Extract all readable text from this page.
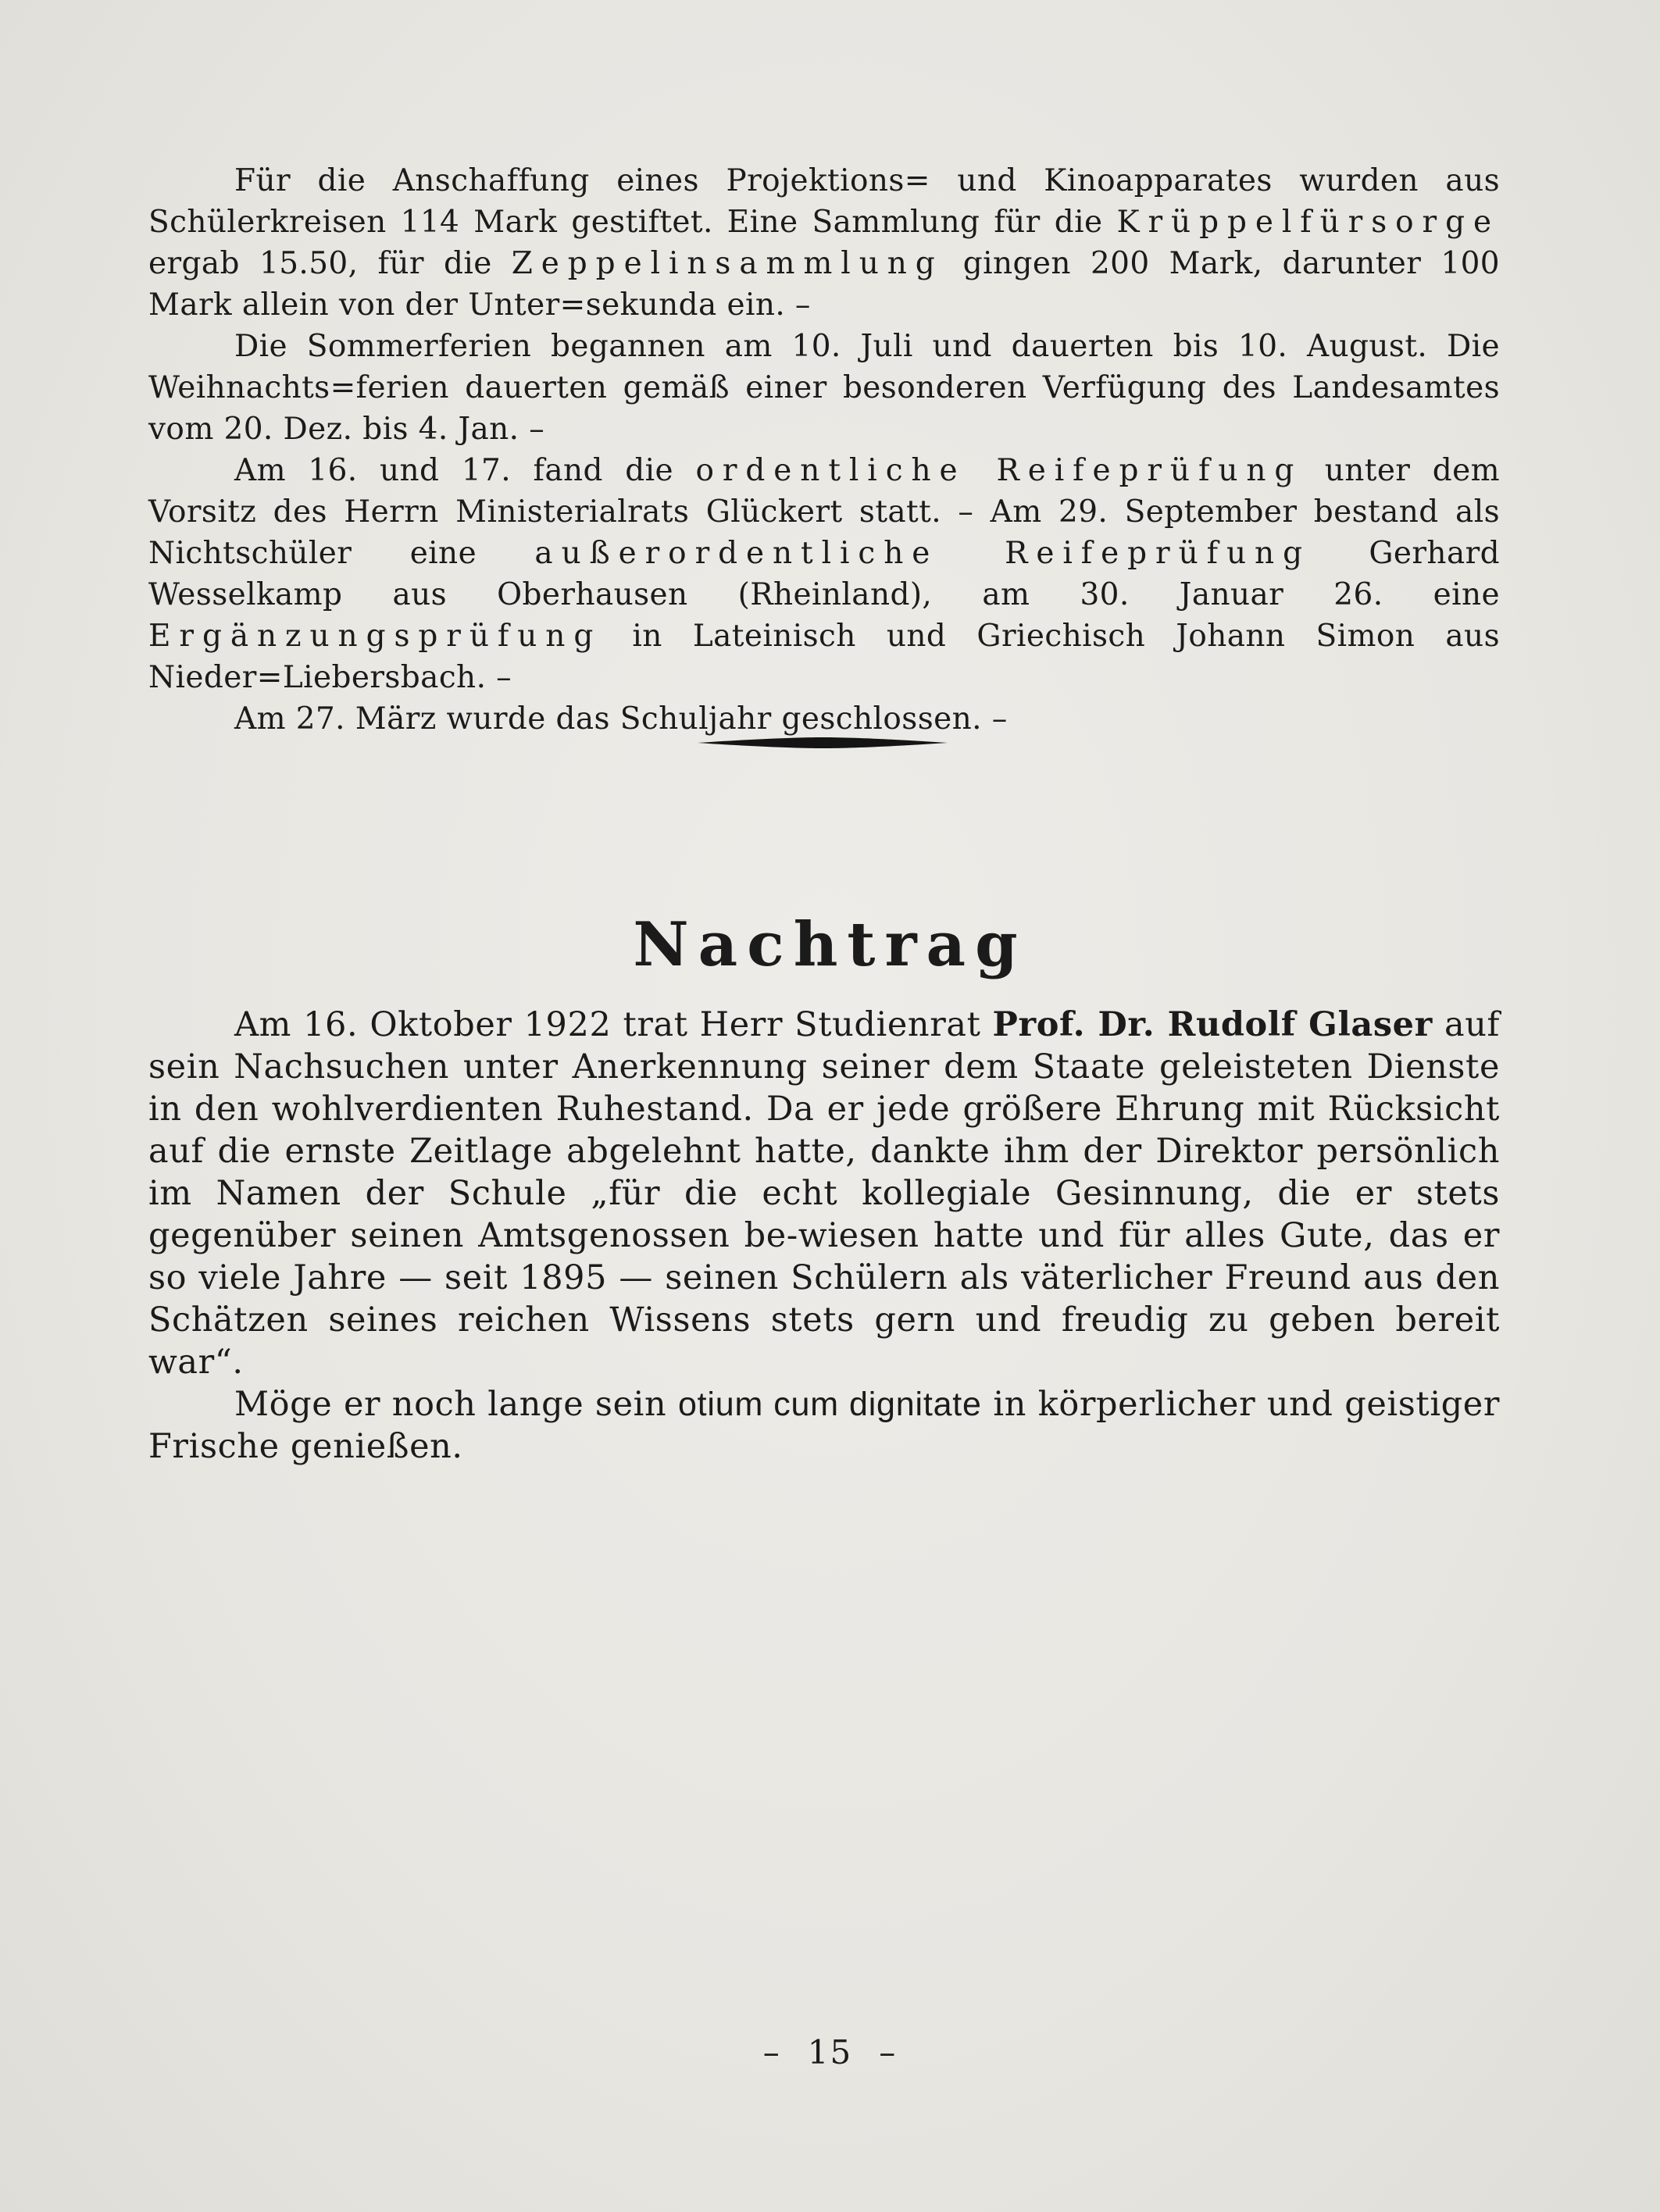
Für die Anschaffung eines Projektions= und Kinoapparates wurden aus Schülerkreisen 114 Mark gestiftet. Eine Sammlung für die Krüppelfürsorge ergab 15.50, für die Zeppelinsammlung gingen 200 Mark, darunter 100 Mark allein von der Unter=sekunda ein. –

Die Sommerferien begannen am 10. Juli und dauerten bis 10. August. Die Weihnachts=ferien dauerten gemäß einer besonderen Verfügung des Landesamtes vom 20. Dez. bis 4. Jan. –

Am 16. und 17. fand die ordentliche Reifeprüfung unter dem Vorsitz des Herrn Ministerialrats Glückert statt. – Am 29. September bestand als Nichtschüler eine außerordentliche Reifeprüfung Gerhard Wesselkamp aus Oberhausen (Rheinland), am 30. Januar 26. eine Ergänzungsprüfung in Lateinisch und Griechisch Johann Simon aus Nieder=Liebersbach. –

Am 27. März wurde das Schuljahr geschlossen. –

Nachtrag

Am 16. Oktober 1922 trat Herr Studienrat Prof. Dr. Rudolf Glaser auf sein Nachsuchen unter Anerkennung seiner dem Staate geleisteten Dienste in den wohlverdienten Ruhestand. Da er jede größere Ehrung mit Rücksicht auf die ernste Zeitlage abgelehnt hatte, dankte ihm der Direktor persönlich im Namen der Schule „für die echt kollegiale Gesinnung, die er stets gegenüber seinen Amtsgenossen be-wiesen hatte und für alles Gute, das er so viele Jahre — seit 1895 — seinen Schülern als väterlicher Freund aus den Schätzen seines reichen Wissens stets gern und freudig zu geben bereit war“.

Möge er noch lange sein otium cum dignitate in körperlicher und geistiger Frische genießen.

– 15 –
